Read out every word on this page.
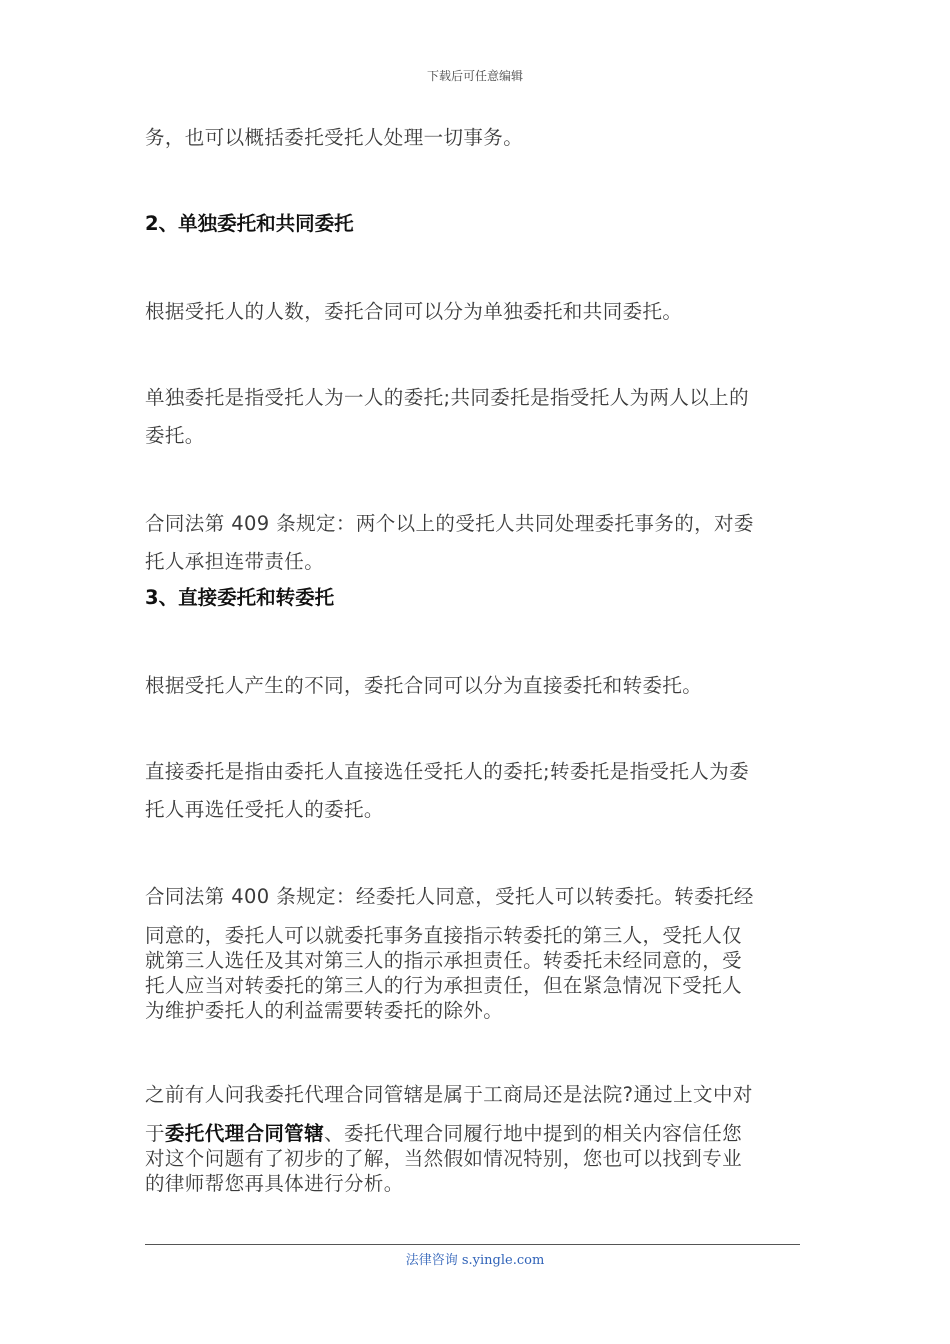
下载后可任意编辑
务，也可以概括委托受托人处理一切事务。
2、单独委托和共同委托
根据受托人的人数，委托合同可以分为单独委托和共同委托。
单独委托是指受托人为一人的委托;共同委托是指受托人为两人以上的
委托。
合同法第 409 条规定：两个以上的受托人共同处理委托事务的，对委
托人承担连带责任。
3、直接委托和转委托
根据受托人产生的不同，委托合同可以分为直接委托和转委托。
直接委托是指由委托人直接选任受托人的委托;转委托是指受托人为委
托人再选任受托人的委托。
合同法第 400 条规定：经委托人同意，受托人可以转委托。转委托经
同意的，委托人可以就委托事务直接指示转委托的第三人，受托人仅
就第三人选任及其对第三人的指示承担责任。转委托未经同意的，受
托人应当对转委托的第三人的行为承担责任，但在紧急情况下受托人
为维护委托人的利益需要转委托的除外。
之前有人问我委托代理合同管辖是属于工商局还是法院?通过上文中对
于委托代理合同管辖、委托代理合同履行地中提到的相关内容信任您
对这个问题有了初步的了解，当然假如情况特别，您也可以找到专业
的律师帮您再具体进行分析。
法律咨询 s.yingle.com
